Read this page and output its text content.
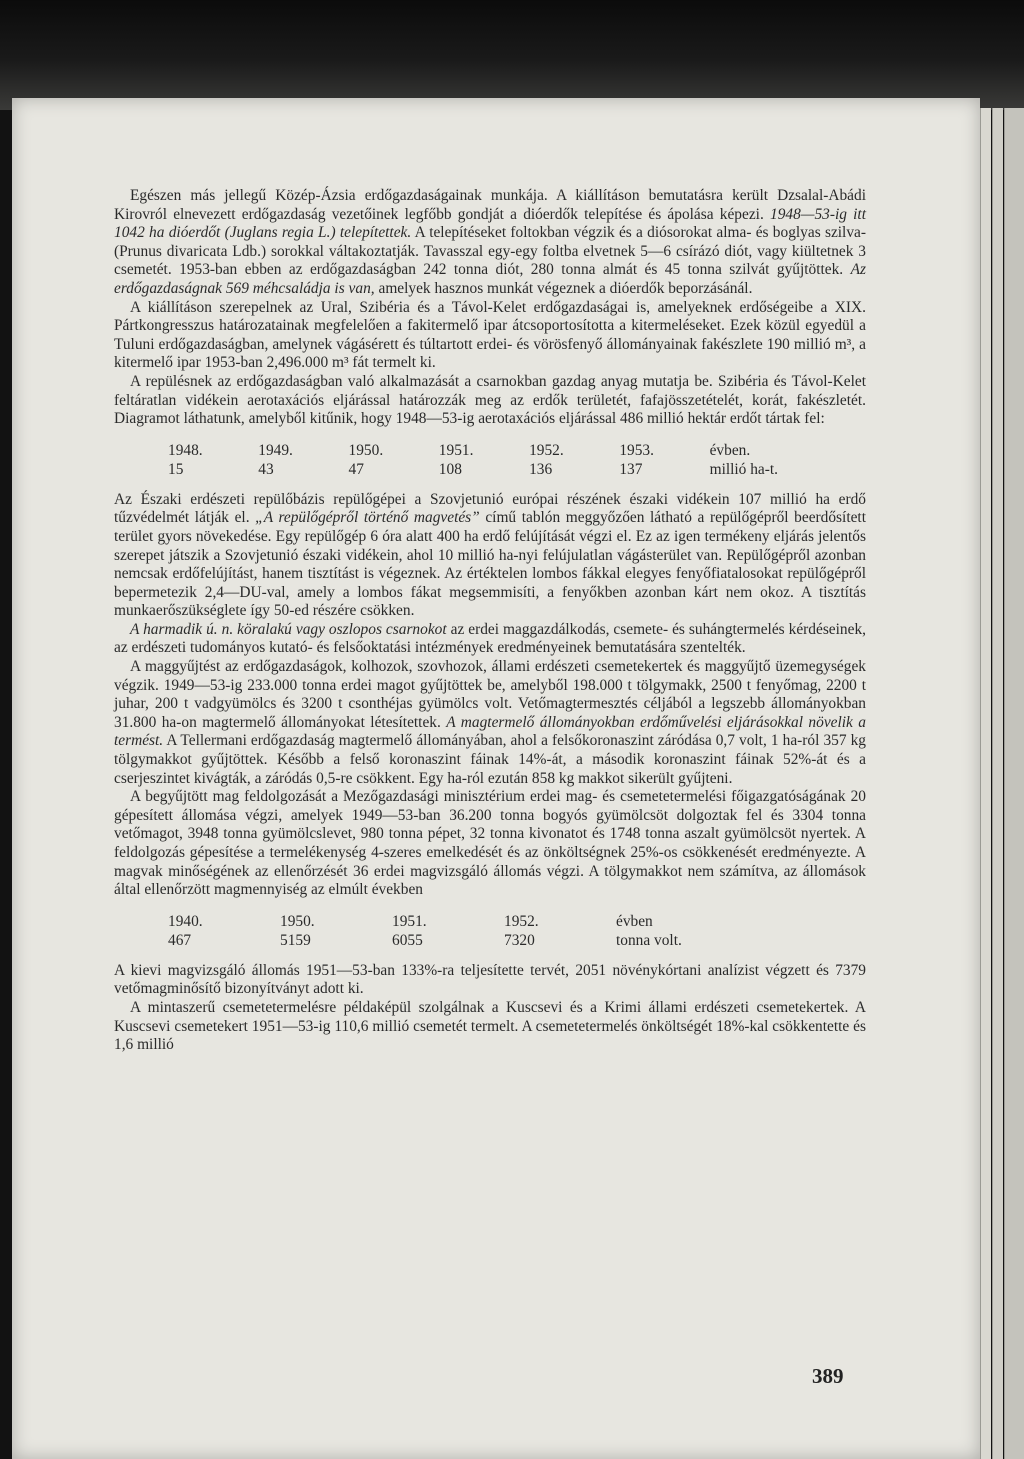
Egészen más jellegű Közép-Ázsia erdőgazdaságainak munkája. A kiállításon bemutatásra került Dzsalal-Abádi Kirovról elnevezett erdőgazdaság vezetőinek legfőbb gondját a dióerdők telepítése és ápolása képezi. 1948—53-ig itt 1042 ha dióerdőt (Juglans regia L.) telepítettek. A telepítéseket foltokban végzik és a diósorokat alma- és boglyas szilva- (Prunus divaricata Ldb.) sorokkal váltakoztatják. Tavasszal egy-egy foltba elvetnek 5—6 csírázó diót, vagy kiültetnek 3 csemetét. 1953-ban ebben az erdőgazdaságban 242 tonna diót, 280 tonna almát és 45 tonna szilvát gyűjtöttek. Az erdőgazdaságnak 569 méhcsaládja is van, amelyek hasznos munkát végeznek a dióerdők beporzásánál.

A kiállításon szerepelnek az Ural, Szibéria és a Távol-Kelet erdőgazdaságai is, amelyeknek erdőségeibe a XIX. Pártkongresszus határozatainak megfelelően a fakitermelő ipar átcsoportosította a kitermeléseket. Ezek közül egyedül a Tuluni erdőgazdaságban, amelynek vágásérett és túltartott erdei- és vörösfenyő állományainak fakészlete 190 millió m³, a kitermelő ipar 1953-ban 2,496.000 m³ fát termelt ki.

A repülésnek az erdőgazdaságban való alkalmazását a csarnokban gazdag anyag mutatja be. Szibéria és Távol-Kelet feltáratlan vidékein aerotaxációs eljárással határozzák meg az erdők területét, fafajösszetételét, korát, fakészletét. Diagramot láthatunk, amelyből kitűnik, hogy 1948—53-ig aerotaxációs eljárással 486 millió hektár erdőt tártak fel:

1948.	1949.	1950.	1951.	1952.	1953.	évben.
15	43	47	108	136	137	millió ha-t.

Az Északi erdészeti repülőbázis repülőgépei a Szovjetunió európai részének északi vidékein 107 millió ha erdő tűzvédelmét látják el. „A repülőgépről történő magvetés” című tablón meggyőzően látható a repülőgépről beerdősített terület gyors növekedése. Egy repülőgép 6 óra alatt 400 ha erdő felújítását végzi el. Ez az igen termékeny eljárás jelentős szerepet játszik a Szovjetunió északi vidékein, ahol 10 millió ha-nyi felújulatlan vágásterület van. Repülőgépről azonban nemcsak erdőfelújítást, hanem tisztítást is végeznek. Az értéktelen lombos fákkal elegyes fenyőfiatalosokat repülőgépről bepermetezik 2,4—DU-val, amely a lombos fákat megsemmisíti, a fenyőkben azonban kárt nem okoz. A tisztítás munkaerőszükséglete így 50-ed részére csökken.

A harmadik ú. n. köralakú vagy oszlopos csarnokot az erdei maggazdálkodás, csemete- és suhángtermelés kérdéseinek, az erdészeti tudományos kutató- és felsőoktatási intézmények eredményeinek bemutatására szentelték.

A maggyűjtést az erdőgazdaságok, kolhozok, szovhozok, állami erdészeti csemetekertek és maggyűjtő üzemegységek végzik. 1949—53-ig 233.000 tonna erdei magot gyűjtöttek be, amelyből 198.000 t tölgymakk, 2500 t fenyőmag, 2200 t juhar, 200 t vadgyümölcs és 3200 t csonthéjas gyümölcs volt. Vetőmagtermesztés céljából a legszebb állományokban 31.800 ha-on magtermelő állományokat létesítettek. A magtermelő állományokban erdőművelési eljárásokkal növelik a termést. A Tellermani erdőgazdaság magtermelő állományában, ahol a felsőkoronaszint záródása 0,7 volt, 1 ha-ról 357 kg tölgymakkot gyűjtöttek. Később a felső koronaszint fáinak 14%-át, a második koronaszint fáinak 52%-át és a cserjeszintet kivágták, a záródás 0,5-re csökkent. Egy ha-ról ezután 858 kg makkot sikerült gyűjteni.

A begyűjtött mag feldolgozását a Mezőgazdasági minisztérium erdei mag- és csemetetermelési főigazgatóságának 20 gépesített állomása végzi, amelyek 1949—53-ban 36.200 tonna bogyós gyümölcsöt dolgoztak fel és 3304 tonna vetőmagot, 3948 tonna gyümölcslevet, 980 tonna pépet, 32 tonna kivonatot és 1748 tonna aszalt gyümölcsöt nyertek. A feldolgozás gépesítése a termelékenység 4-szeres emelkedését és az önköltségnek 25%-os csökkenését eredményezte. A magvak minőségének az ellenőrzését 36 erdei magvizsgáló állomás végzi. A tölgymakkot nem számítva, az állomások által ellenőrzött magmennyiség az elmúlt években

1940.	1950.	1951.	1952.	évben
467	5159	6055	7320	tonna volt.

A kievi magvizsgáló állomás 1951—53-ban 133%-ra teljesítette tervét, 2051 növénykórtani analízist végzett és 7379 vetőmagminősítő bizonyítványt adott ki.

A mintaszerű csemetetermelésre példaképül szolgálnak a Kuscsevi és a Krimi állami erdészeti csemetekertek. A Kuscsevi csemetekert 1951—53-ig 110,6 millió csemetét termelt. A csemetetermelés önköltségét 18%-kal csökkentette és 1,6 millió

389
